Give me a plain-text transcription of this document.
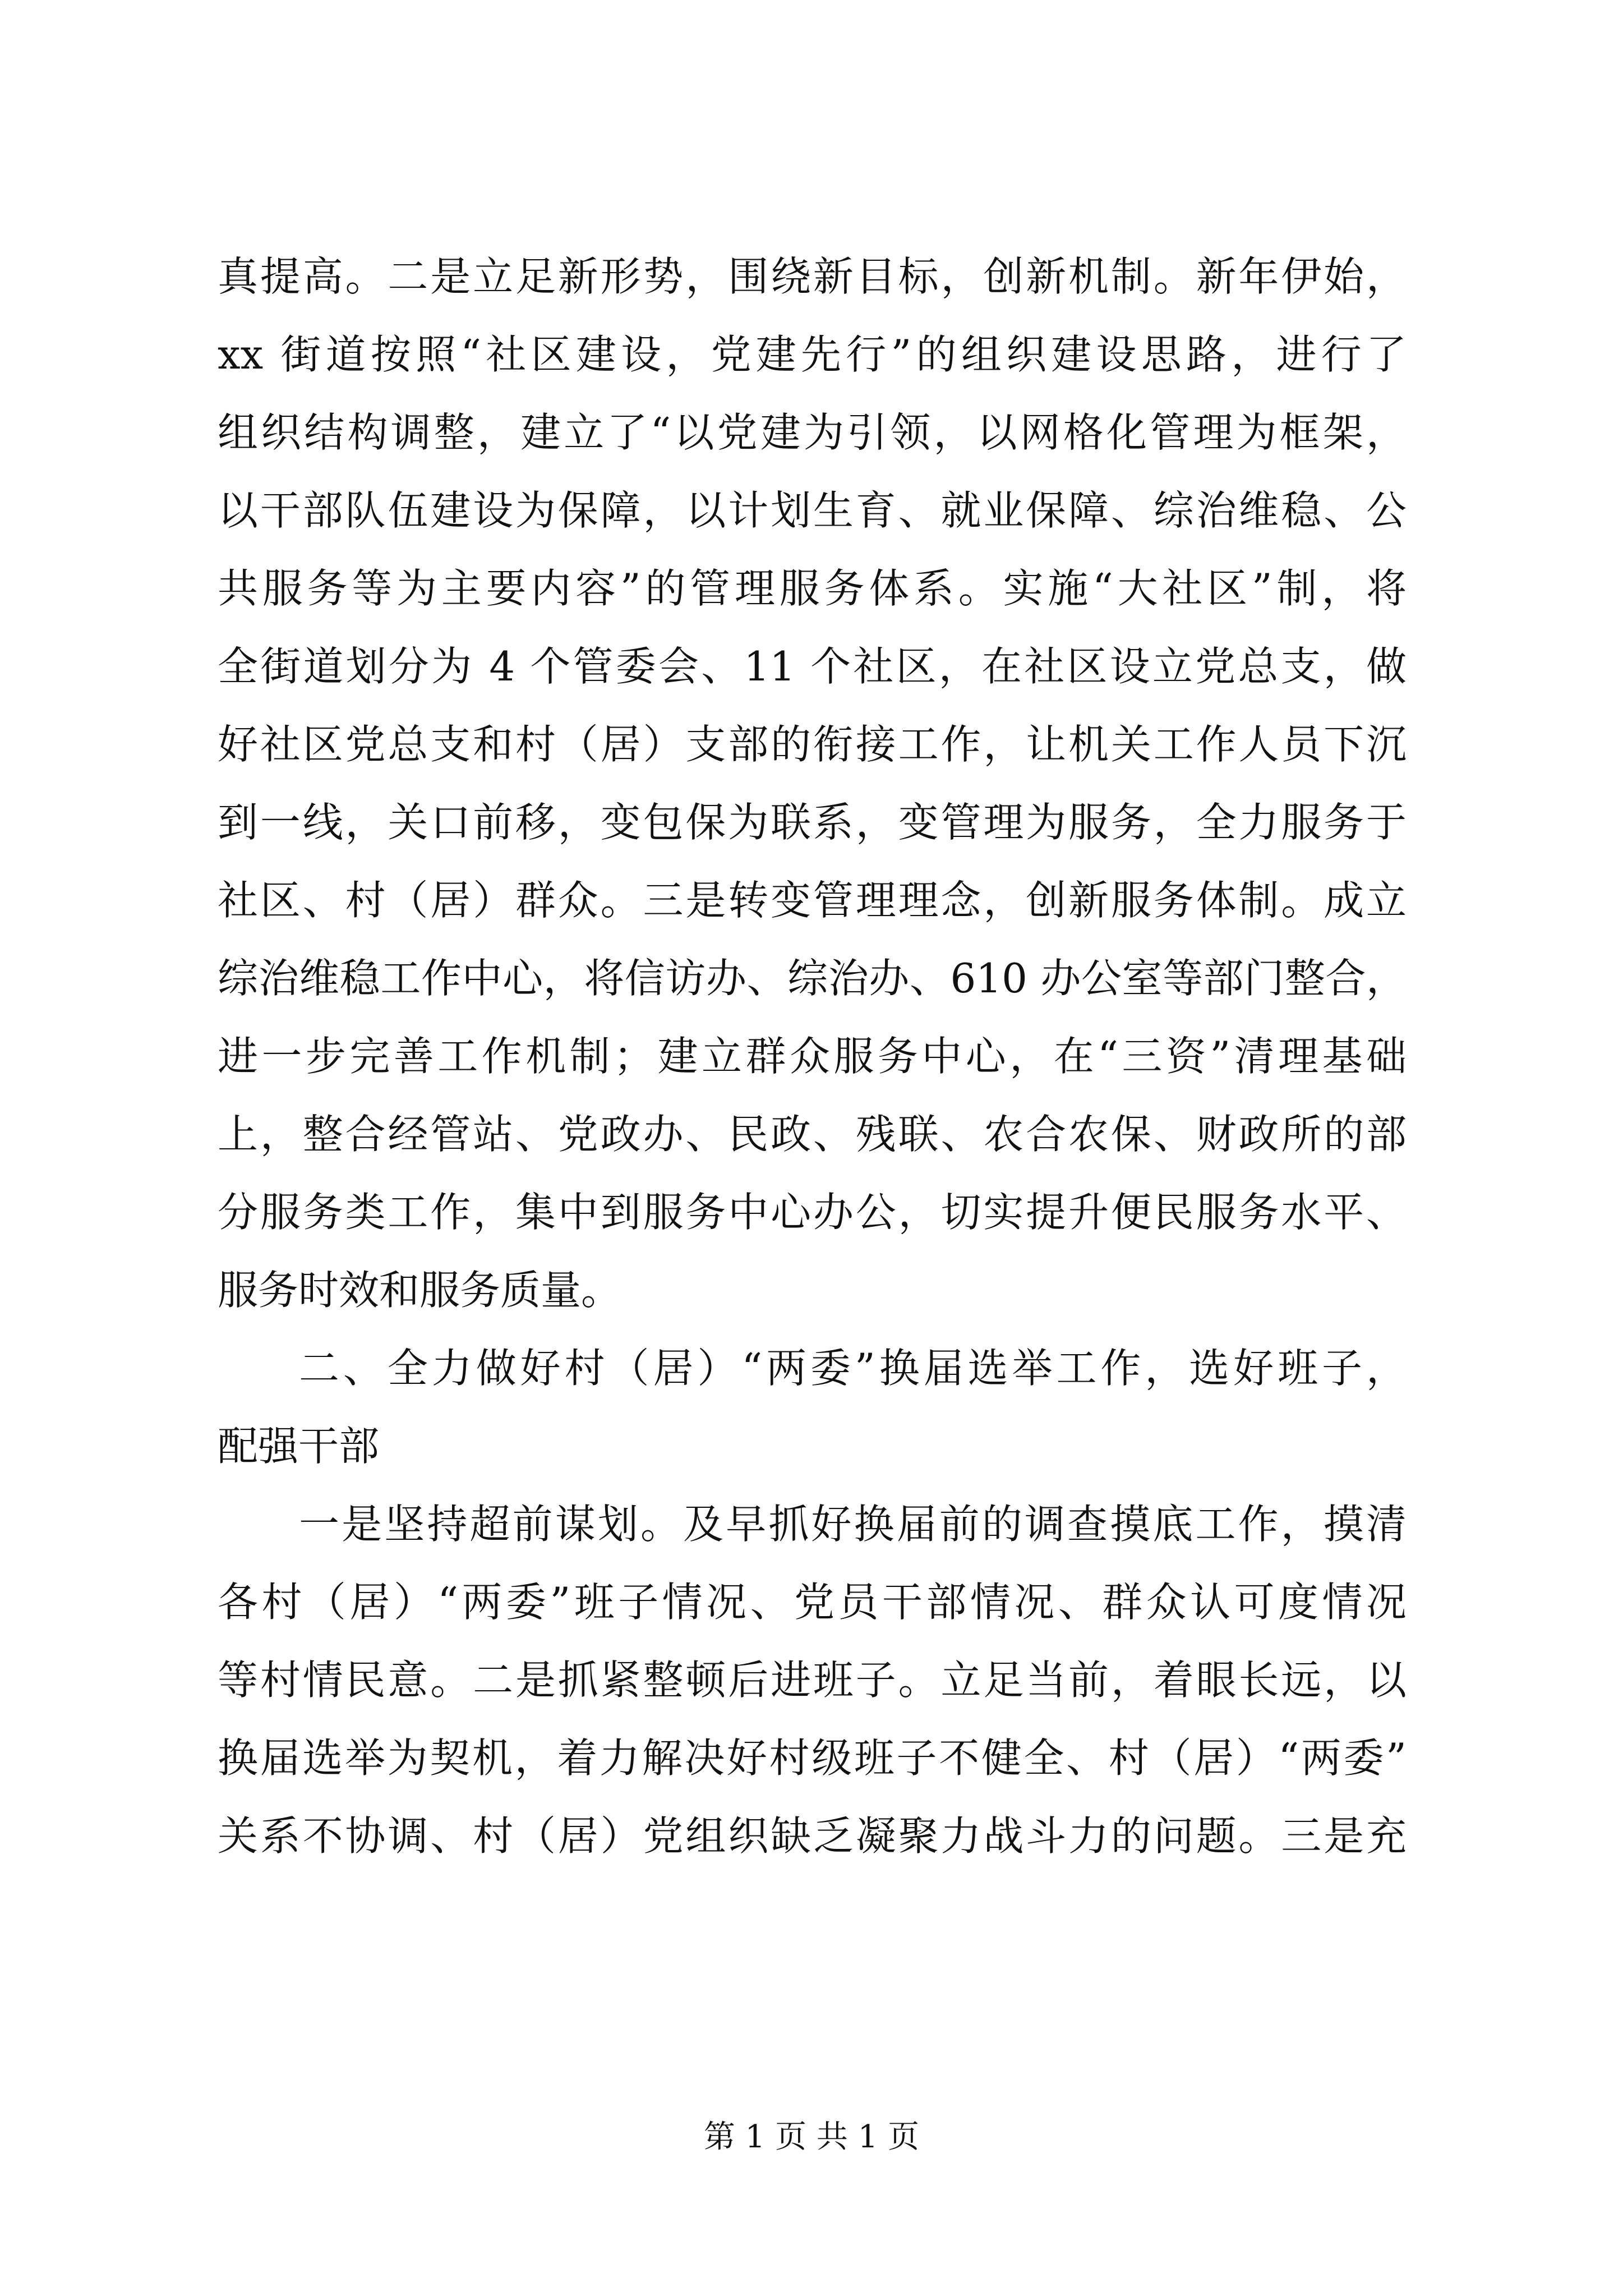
真提高。二是立足新形势，围绕新目标，创新机制。新年伊始，
xx 街道按照“社区建设，党建先行”的组织建设思路，进行了
组织结构调整，建立了“以党建为引领，以网格化管理为框架，
以干部队伍建设为保障，以计划生育、就业保障、综治维稳、公
共服务等为主要内容”的管理服务体系。实施“大社区”制，将
全街道划分为 4 个管委会、11 个社区，在社区设立党总支，做
好社区党总支和村（居）支部的衔接工作，让机关工作人员下沉
到一线，关口前移，变包保为联系，变管理为服务，全力服务于
社区、村（居）群众。三是转变管理理念，创新服务体制。成立
综治维稳工作中心，将信访办、综治办、610 办公室等部门整合，
进一步完善工作机制；建立群众服务中心，在“三资”清理基础
上，整合经管站、党政办、民政、残联、农合农保、财政所的部
分服务类工作，集中到服务中心办公，切实提升便民服务水平、
服务时效和服务质量。
二、全力做好村（居）“两委”换届选举工作，选好班子，
配强干部
一是坚持超前谋划。及早抓好换届前的调查摸底工作，摸清
各村（居）“两委”班子情况、党员干部情况、群众认可度情况
等村情民意。二是抓紧整顿后进班子。立足当前，着眼长远，以
换届选举为契机，着力解决好村级班子不健全、村（居）“两委”
关系不协调、村（居）党组织缺乏凝聚力战斗力的问题。三是充
第 1 页 共 1 页
